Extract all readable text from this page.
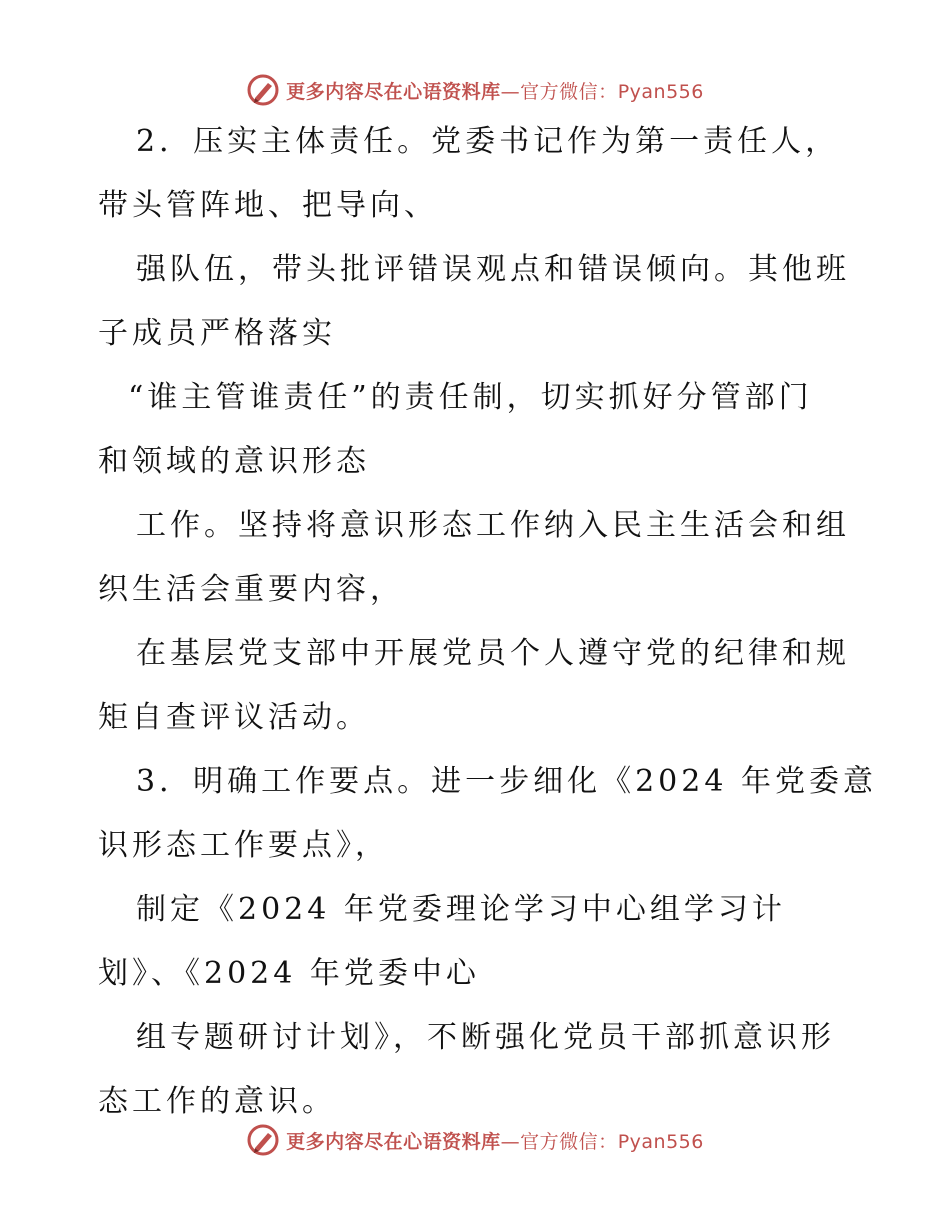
更多内容尽在心语资料库—官方微信：Pyan556
2．压实主体责任。党委书记作为第一责任人，
带头管阵地、把导向、
强队伍，带头批评错误观点和错误倾向。其他班
子成员严格落实
“谁主管谁责任”的责任制，切实抓好分管部门
和领域的意识形态
工作。坚持将意识形态工作纳入民主生活会和组
织生活会重要内容，
在基层党支部中开展党员个人遵守党的纪律和规
矩自查评议活动。
3．明确工作要点。进一步细化《2024 年党委意
识形态工作要点》，
制定《2024 年党委理论学习中心组学习计
划》、《2024 年党委中心
组专题研讨计划》，不断强化党员干部抓意识形
态工作的意识。
更多内容尽在心语资料库—官方微信：Pyan556
